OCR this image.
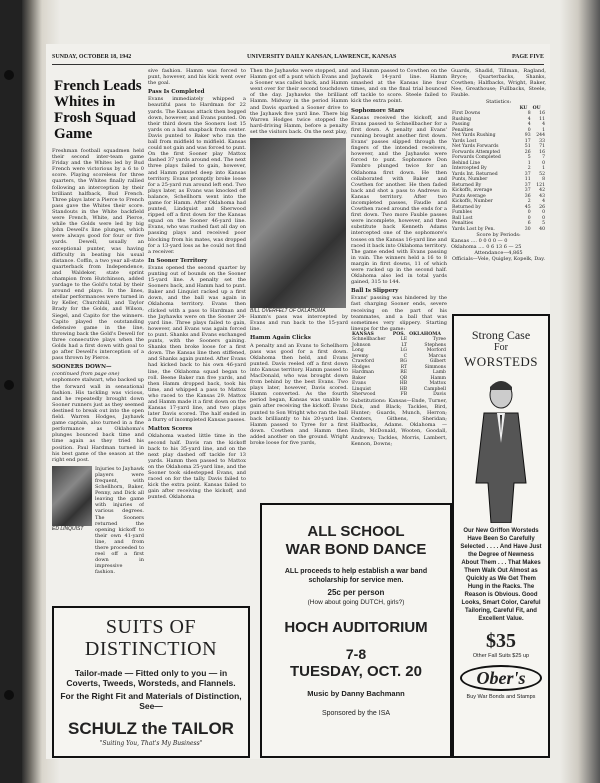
SUNDAY, OCTOBER 18, 1942	UNIVERSITY DAILY KANSAN, LAWRENCE, KANSAS	PAGE FIVE
French Leads Whites in Frosh Squad Game
Freshman football squadmen held their second inter-team game Friday and the Whites led by Bud French were victorious by a 6 to 0 score. Playing scoreless for three quarters, the Whites finally rallied following an interception by their brilliant halfback, Bud French. Three plays later a Pierce to French pass gave the Whites their score. Standouts in the White backfield were French, White, and Pierce, while the Golds were led by big John Dewell's line plunges, which were always good for four or five yards. Dewell, usually an exceptional punter, was having difficulty in beating his usual distance. Coffin, a two year all-state quarterback from Independence, and Waldeker, state sprint champion from Hutchinson, added yardage to the Gold's total by their around end plays. In the lines, stellar performances were turned in by Keller, Churchhill, and Taylor Brady for the Golds, and Wilson, Siegel, and Capito for the winners. Capito played the outstanding defensive game in the line, throwing back the Gold's Dewell for three consecutive plays when the Golds had a first down with goal to go after Dewell's interception of a pass thrown by Pierce.
SOONERS DOWN—
(continued from page one)
sophomore stalwart, who backed up the forward wall in sensational fashion. His tackling was vicious, and he repeatedly brought down Sooner runners just as they seemed destined to break out into the open field. Warren Hodges, Jayhawk game captain, also turned in a fine performance as Oklahoma's plunges bounced back time and time again as they tried his position. Paul Hardman turned in his best game of the season at the right end post.
ED LINQUIST
Injuries to Jayhawk players were frequent, with Schellhorn, Baker, Penny, and Dick all leaving the game with injuries of various degrees. The Sooners returned the opening kickoff to their own 41-yard line, and from there proceeded to reel off a first down in impressive fashion.
sive fashion. Hamm was forced to punt, however, and his kick went over the goal.
Pass Is Completed
Evans immediately whipped a beautiful pass to Hardman for 22 yards. The Kansas attack then bogged down, however, and Evans punted. On their third down the Sooners lost 15 yards on a bad snapback from center. Davis punted to Baker who ran the ball from midfield to midfield. Kansas could not gain and was forced to punt. On the first Sooner play Mattox dashed 37 yards around end. The next three plays failed to gain, however, and Hamm punted deep into Kansas territory. Evans promptly broke loose for a 25-yard run around left end. Two plays later, as Evans was knocked off balance, Schellhorn went into the game for Hamm. After Oklahoma had punted, Lindquist and Sherwood ripped off a first down for the Kansas squad on the Sooner 46-yard line. Evans, who was rushed fast all day on passing plays and received poor blocking from his mates, was dropped for a 13-yard loss as he could not find a receiver.
In Sooner Territory
Evans opened the second quarter by punting out of bounds on the Sooner 15-yard line. A penalty set the Sooners back, and Hamm had to punt. Baker and Linquist racked up a first down, and the ball was again in Oklahoma territory. Evans then clicked with a pass to Hardman and the Jayhawks were on the Sooner 24-yard line. Three plays failed to gain, however, and Evans was again forced to punt. Shanks and Evans exchanged punts, with the Sooners gaining. Shanks then broke loose for a first down. The Kansas line then stiffened, and Shanks again punted. After Evans had kicked back to his own 46-yard line, the Oklahoma squad began to roll. Beene Baker ran five yards, and then Hamm dropped back, took his time, and whipped a pass to Mattox who raced to the Kansas 29. Mattox and Hamm made it a first down on the Kansas 17-yard line, and two plays later Davis scored. The half ended in a flurry of incompleted Kansas passes.
Mattox Scores
Oklahoma wasted little time in the second half. Davis ran the kickoff back to his 35-yard line, and on the next play dashed off tackle for 13 yards. Hamm then passed to Mattox on the Oklahoma 25-yard line, and the Sooner took sidestepped Evans, and raced on for the tally. Davis failed to kick the extra point. Kansas failed to gain after receiving the kickoff, and punted. Oklahoma
Then the Jayhawks were stopped, and Hamm got off a punt which Evans and a Sooner was called back, and Hamm went over for their second touchdown of the day. Jayhawks the brilliant Hamm. Midway in the period Hamm and Davis sparked a Sooner drive to the Jayhawk five yard line. There big Warren Hodges twice stopped the hard-driving Hamm, before a penalty set the visitors back. On the next play,
BILL OVERFELT OF OKLAHOMA
Hamm's pass was intercepted by Evans and run back to the 15-yard line.
Hamm Again Clicks
A penalty and an Evans to Schellhorn pass was good for a first down. Oklahoma then held, and Evans punted. Davis reeled off a first down into Kansas territory. Hamm passed to MacDonald, who was brought down from behind by the best Evans. Two plays later, however, Davis scored. Hamm converted. As the fourth period began, Kansas was unable to gain after receiving the kickoff. Evans punted to Son Wright who ran the ball back brilliantly to his 20-yard line. Hamm passed to Tyree for a first down. Cowthen and Hamm then added another on the ground. Wright broke loose for five yards,
and Hamm passed to Cowthen on the Jayhawk 14-yard line. Hamm smashed at the Kansas line four times, and on the final trial bounced off tackle to score. Steele failed to kick the extra point.
Sophomore Stars
Kansas received the kickoff, and Evans passed to Schnellbacher for a first down. A penalty and Evans' running brought another first down. Evans' passes slipped through the fingers of the intended receivers, however, and the Jayhawks were forced to punt. Sophomore Don Fambro plunged twice for an Oklahoma first down. He then collaborated with Baker and Cowthen for another. He then faded back and shot a pass to Andrews in Kansas territory. After two incompleted passes, Faudle and Cowthen raced around the ends for a first down. Two more Fauble passes were incomplete, however, and then substitute back Kenneth Adams intercepted one of the sophomore's tosses on the Kansas 16-yard line and raced it back into Oklahoma territory. The game ended with Evans passing in vain. The winners held a 16 to 8 margin in first downs, 11 of which were racked up in the second half. Oklahoma also led in total yards gained, 315 to 144.
Ball Is Slippery
Evans' passing was hindered by the fast charging Sooner ends, severe receiving on the part of his teammates, and a ball that was sometimes very slippery. Starting lineups for the game:
KANSAS	POS.	OKLAHOMA
Schnellbacher	LE	Tyree
Johnson	LT	Stephens
Long	LG	Morford
Jeremy	C	Marcus
Crawford	RG	Gilbert
Hodges	RT	Simmons
Hardman	RE	Lamb
Baker	QB	Hamm
Evans	HB	Mattox
Linquist	HB	Campbell
Sherwood	FB	Davis
Substitutions: Kansas—Ende, Turner, Dick, and Black; Tackles, Bird, Hunter; Guards, Munch, Herron; Centers, Githens, Sheridan; Halfbacks, Adams. Oklahoma — Ends, McDonald, Wooten, Goodall, Andrews; Tackles, Morris, Lambert, Kennon, Downs;
Guards, Shadid, Tillman, Ragland, Bryce; Quarterbacks, Shanks, Cowthen; Halfbacks, Wright, Baker, Nee, Greathouse; Fullbacks, Steele, Fauble.
Statistics:
	KU	OU
First Downs	8	16
Rushing	4	11
Passing	4	4
Penalties	0	1
Net Yards Rushing	93	244
Yards Lost	17	33
Net Yards Forwards	51	71
Forwards Attempted	26	16
Forwards Completed	5	7
Behind Line	1	0
Intercepted By	2	1
Yards Int. Returned	37	52
Punts, Number	11	8
Returned By	37	121
Kickoffs, average	37	42
Punts Average	36	43
Kickoffs, Number	2	4
Returned by	45	26
Fumbles	0	0
Ball Lost	0	0
Penalties	6	5
Yards Lost by Pen.	30	40
Score by Periods:
Kansas .... 0 0 0 0 — 0
Oklahoma .... 0 6 13 6 — 25
Attendance—4,865
Officials—Vele, Quigley, Kopelk, Day.
SUITS OF DISTINCTION
Tailor-made — Fitted only to you — in Coverts, Tweeds, Worsteds, and Flannels.
For the Right Fit and Materials of Distinction, See—
SCHULZ the TAILOR
"Suiting You, That's My Business"
ALL SCHOOL
WAR BOND DANCE
ALL proceeds to help establish a war band scholarship for service men.
25c per person
(How about going DUTCH, girls?)
HOCH AUDITORIUM
7-8
TUESDAY, OCT. 20
Music by Danny Bachmann
Sponsored by the ISA
Strong Case
For
WORSTEDS
Our New Griffon Worsteds Have Been So Carefully Selected . . . . And Have Just the Degree of Newness About Them . . . That Makes Them Walk Out Almost as Quickly as We Get Them Hung in the Racks. The Reason is Obvious. Good Looks, Smart Color, Careful Tailoring, Careful Fit, and Excellent Value.
$35
Other Fall Suits $25 up
Ober's
Buy War Bonds and Stamps
